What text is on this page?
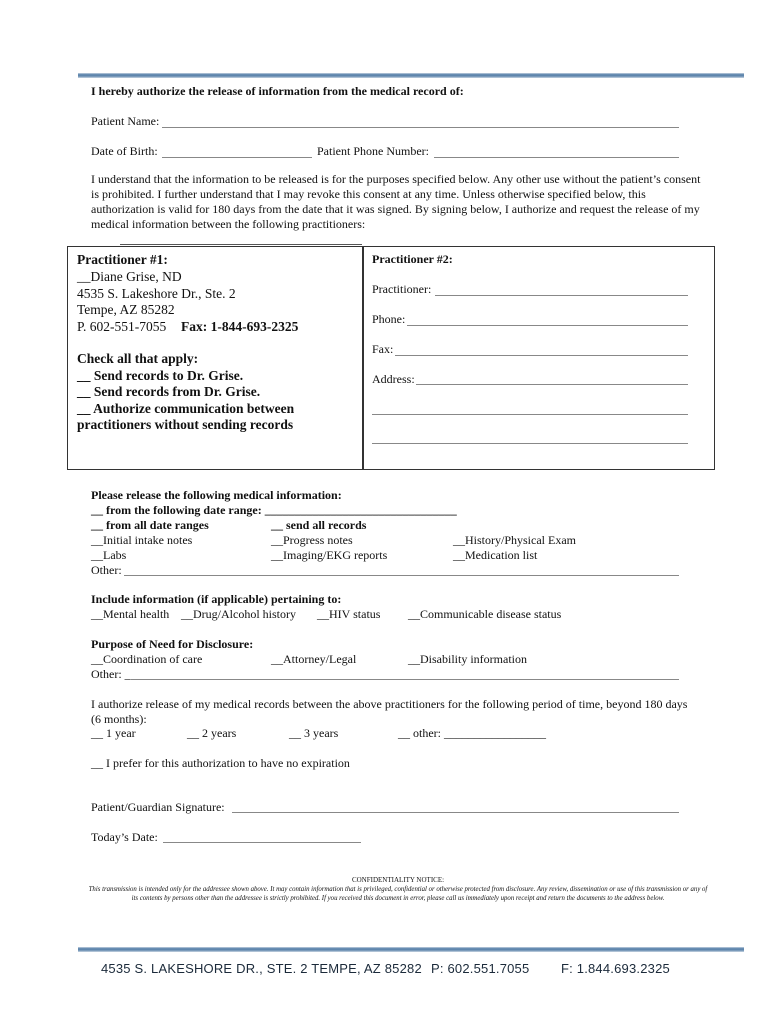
I hereby authorize the release of information from the medical record of:
Patient Name:
Date of Birth:	Patient Phone Number:
I understand that the information to be released is for the purposes specified below. Any other use without the patient’s consent is prohibited. I further understand that I may revoke this consent at any time. Unless otherwise specified below, this authorization is valid for 180 days from the date that it was signed. By signing below, I authorize and request the release of my medical information between the following practitioners:
Practitioner #1:
__Diane Grise, ND
4535 S. Lakeshore Dr., Ste. 2
Tempe, AZ 85282
P. 602-551-7055 Fax: 1-844-693-2325
Check all that apply:
__ Send records to Dr. Grise.
__ Send records from Dr. Grise.
__ Authorize communication between
practitioners without sending records
Practitioner #2:
Practitioner:
Phone:
Fax:
Address:
Please release the following medical information:
__ from the following date range: ________________________________
__ from all date ranges	__ send all records
__Initial intake notes	__Progress notes	__History/Physical Exam
__Labs	__Imaging/EKG reports	__Medication list
Other:
Include information (if applicable) pertaining to:
__Mental health __Drug/Alcohol history __HIV status __Communicable disease status
Purpose of Need for Disclosure:
__Coordination of care	__Attorney/Legal	__Disability information
Other: _
I authorize release of my medical records between the above practitioners for the following period of time, beyond 180 days (6 months):
__ 1 year	__ 2 years	__ 3 years	__ other: _________________
__ I prefer for this authorization to have no expiration
Patient/Guardian Signature:
Today’s Date:
CONFIDENTIALITY NOTICE:
This transmission is intended only for the addressee shown above. It may contain information that is privileged, confidential or otherwise protected from disclosure. Any review, dissemination or use of this transmission or any of its contents by persons other than the addressee is strictly prohibited. If you received this document in error, please call us immediately upon receipt and return the documents to the address below.
4535 S. LAKESHORE DR., STE. 2 TEMPE, AZ 85282 P: 602.551.7055 F: 1.844.693.2325
